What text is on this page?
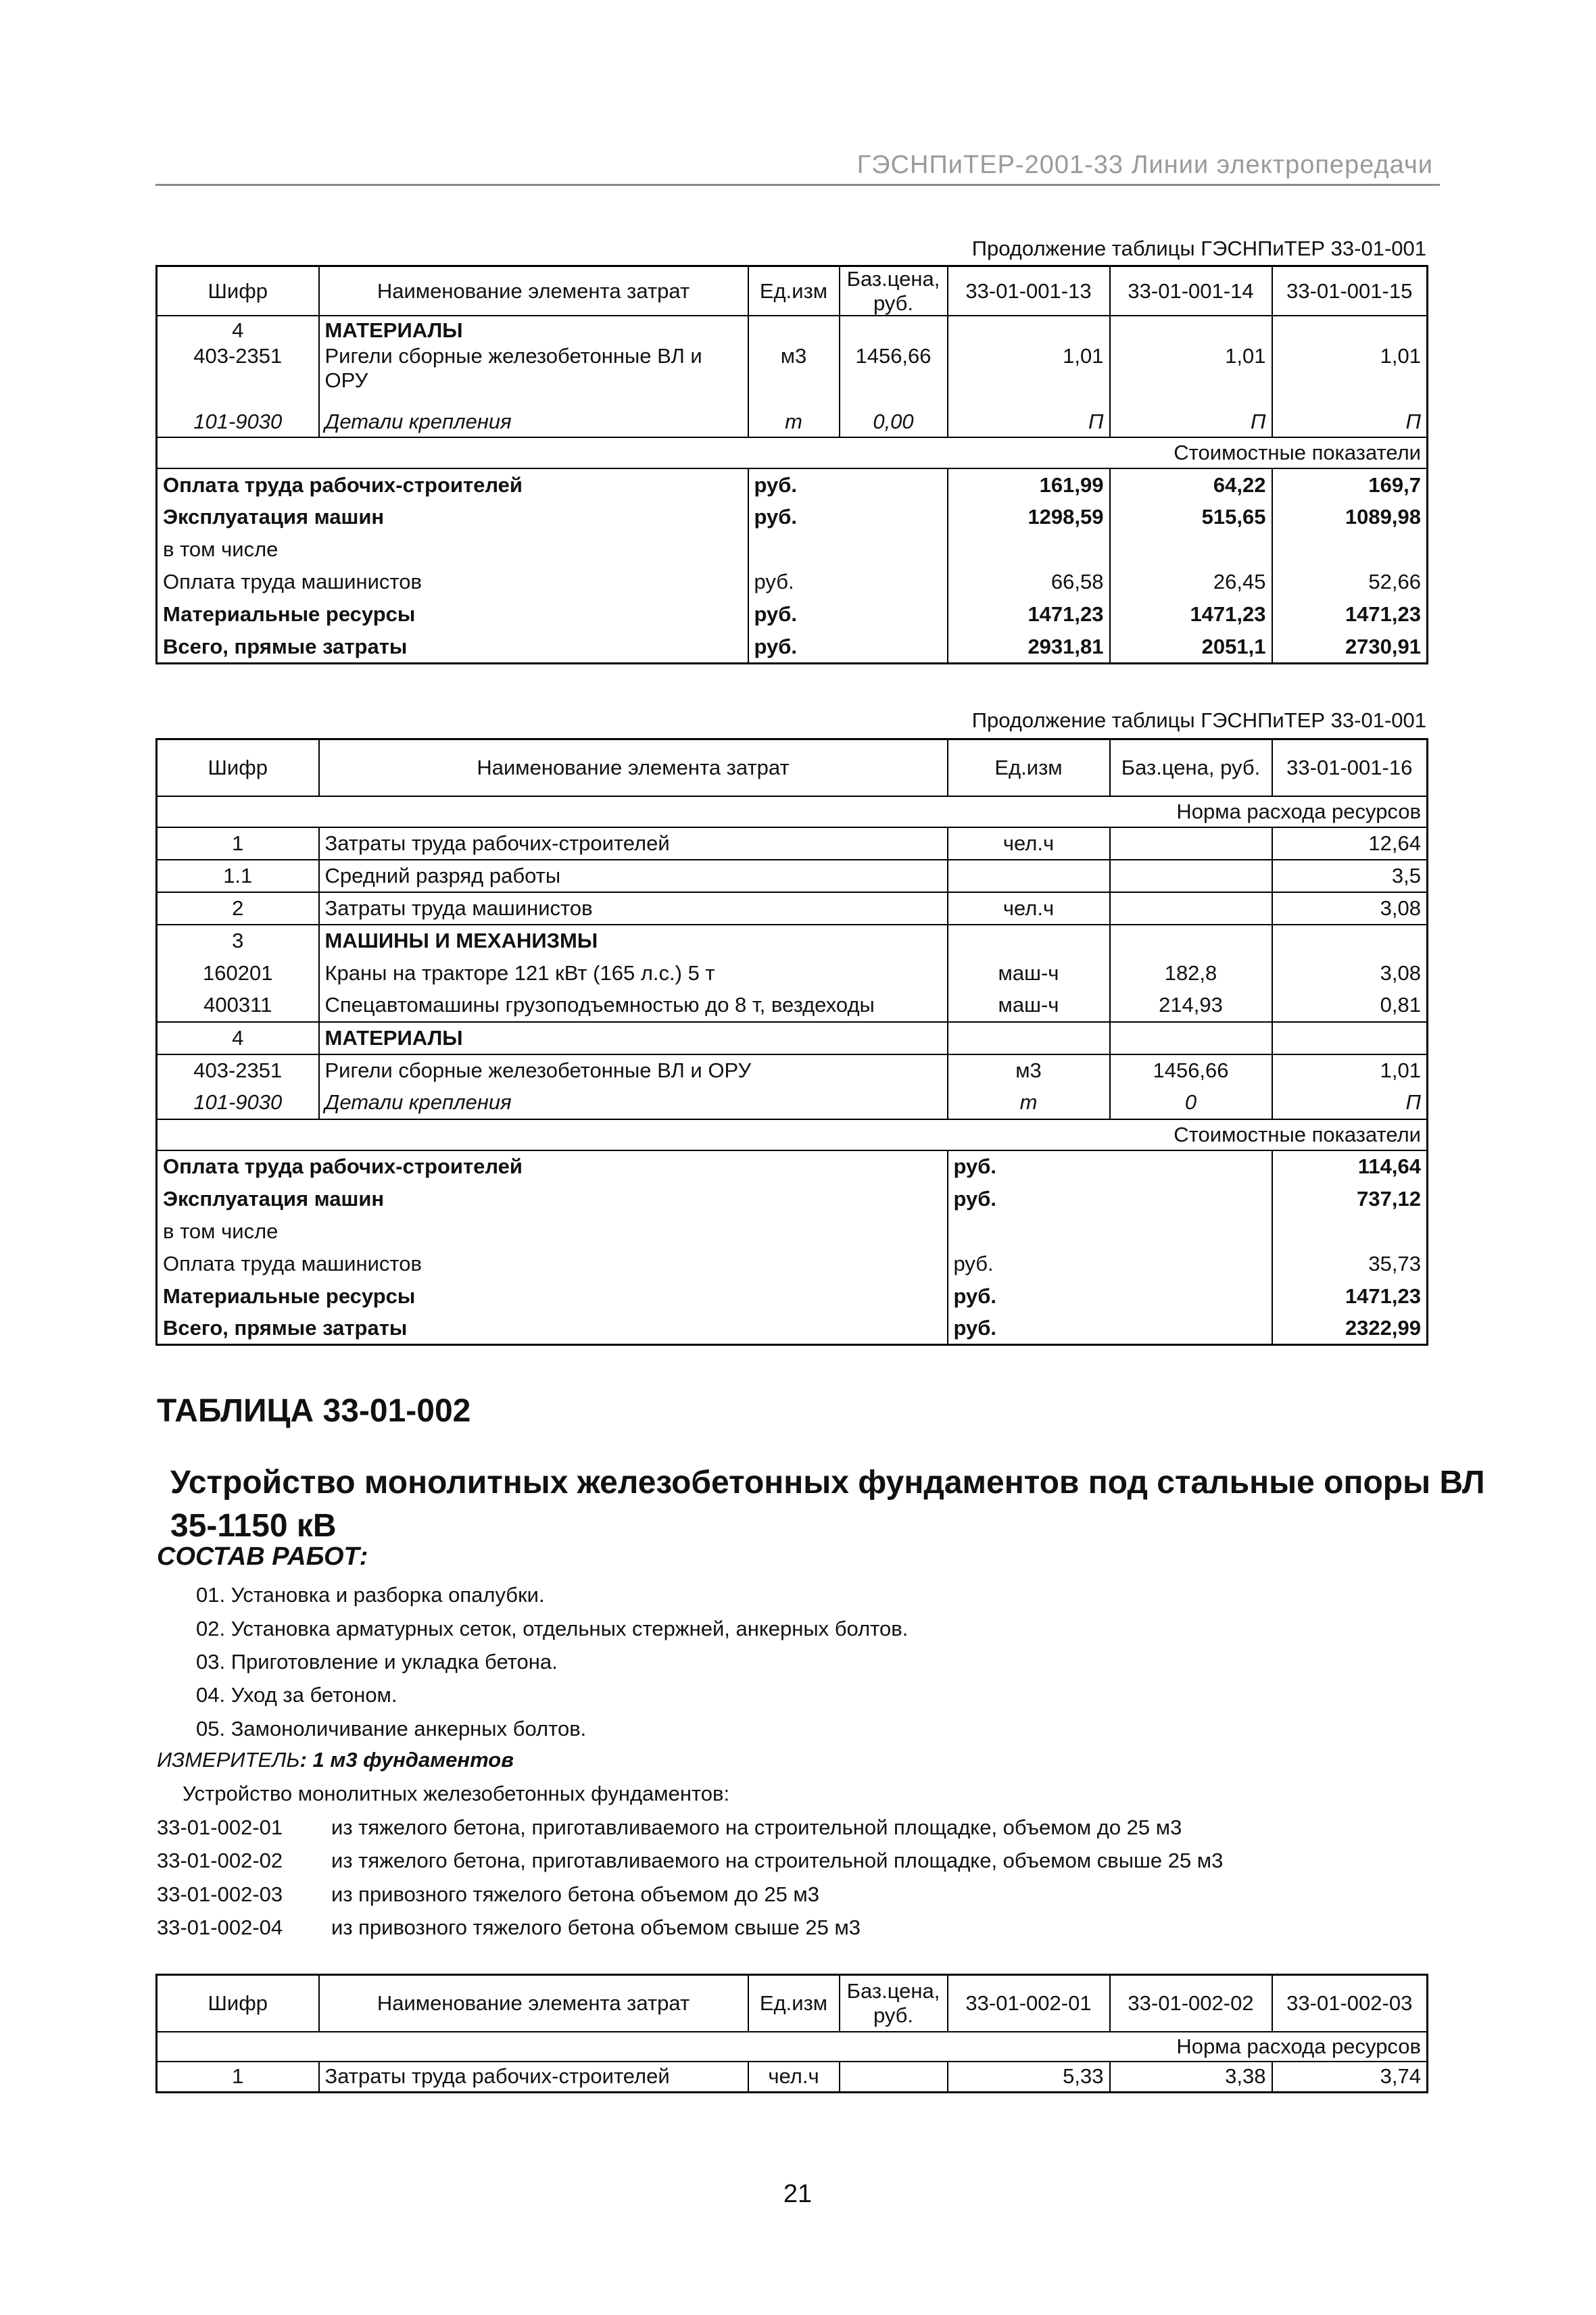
ГЭСНПиТЕР-2001-33 Линии электропередачи
Продолжение таблицы ГЭСНПиТЕР 33-01-001
Шифр	Наименование элемента затрат	Ед.изм	Баз.цена, руб.	33-01-001-13	33-01-001-14	33-01-001-15
4	МАТЕРИАЛЫ					
403-2351	Ригели сборные железобетонные ВЛ и ОРУ	м3	1456,66	1,01	1,01	1,01
101-9030	Детали крепления	т	0,00	П	П	П
Стоимостные показатели						
Оплата труда рабочих-строителей		руб.		161,99	64,22	169,7
Эксплуатация машин		руб.		1298,59	515,65	1089,98
в том числе						
Оплата труда машинистов		руб.		66,58	26,45	52,66
Материальные ресурсы		руб.		1471,23	1471,23	1471,23
Всего, прямые затраты		руб.		2931,81	2051,1	2730,91
Продолжение таблицы ГЭСНПиТЕР 33-01-001
Шифр	Наименование элемента затрат	Ед.изм	Баз.цена, руб.	33-01-001-16
Норма расхода ресурсов				
1	Затраты труда рабочих-строителей	чел.ч		12,64
1.1	Средний разряд работы			3,5
2	Затраты труда машинистов	чел.ч		3,08
3	МАШИНЫ И МЕХАНИЗМЫ			
160201	Краны на тракторе 121 кВт (165 л.с.) 5 т	маш-ч	182,8	3,08
400311	Спецавтомашины грузоподъемностью до 8 т, вездеходы	маш-ч	214,93	0,81
4	МАТЕРИАЛЫ			
403-2351	Ригели сборные железобетонные ВЛ и ОРУ	м3	1456,66	1,01
101-9030	Детали крепления	т	0	П
Стоимостные показатели				
Оплата труда рабочих-строителей		руб.		114,64
Эксплуатация машин		руб.		737,12
в том числе				
Оплата труда машинистов		руб.		35,73
Материальные ресурсы		руб.		1471,23
Всего, прямые затраты		руб.		2322,99
ТАБЛИЦА 33-01-002
Устройство монолитных железобетонных фундаментов под стальные опоры ВЛ 35-1150 кВ
СОСТАВ РАБОТ:
01. Установка и разборка опалубки.
02. Установка арматурных сеток, отдельных стержней, анкерных болтов.
03. Приготовление и укладка бетона.
04. Уход за бетоном.
05. Замоноличивание анкерных болтов.
ИЗМЕРИТЕЛЬ: 1 м3 фундаментов
Устройство монолитных железобетонных фундаментов:
33-01-002-01 из тяжелого бетона, приготавливаемого на строительной площадке, объемом до 25 м3
33-01-002-02 из тяжелого бетона, приготавливаемого на строительной площадке, объемом свыше 25 м3
33-01-002-03 из привозного тяжелого бетона объемом до 25 м3
33-01-002-04 из привозного тяжелого бетона объемом свыше 25 м3
Шифр	Наименование элемента затрат	Ед.изм	Баз.цена, руб.	33-01-002-01	33-01-002-02	33-01-002-03
Норма расхода ресурсов						
1	Затраты труда рабочих-строителей	чел.ч		5,33	3,38	3,74
21
